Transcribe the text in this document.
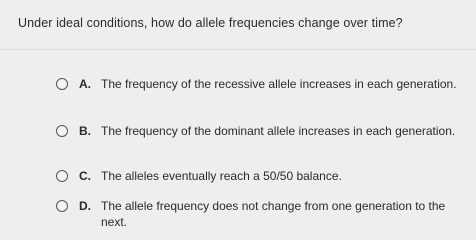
Under ideal conditions, how do allele frequencies change over time?
A. The frequency of the recessive allele increases in each generation.
B. The frequency of the dominant allele increases in each generation.
C. The alleles eventually reach a 50/50 balance.
D. The allele frequency does not change from one generation to the next.
